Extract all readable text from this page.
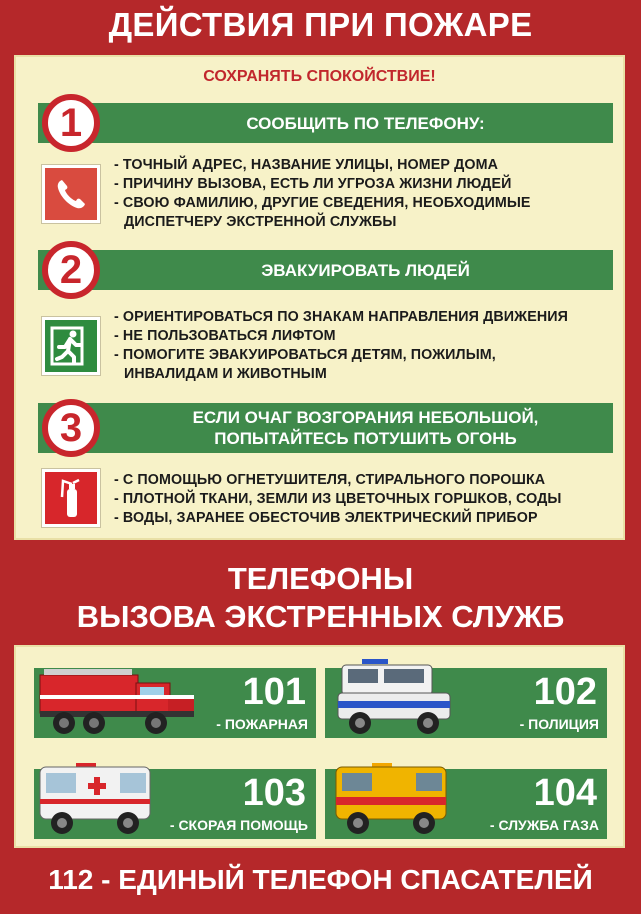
ДЕЙСТВИЯ ПРИ ПОЖАРЕ
СОХРАНЯТЬ СПОКОЙСТВИЕ!
СООБЩИТЬ ПО ТЕЛЕФОНУ:
1
- ТОЧНЫЙ АДРЕС, НАЗВАНИЕ УЛИЦЫ, НОМЕР ДОМА
- ПРИЧИНУ ВЫЗОВА, ЕСТЬ ЛИ УГРОЗА ЖИЗНИ ЛЮДЕЙ
- СВОЮ ФАМИЛИЮ, ДРУГИЕ СВЕДЕНИЯ, НЕОБХОДИМЫЕ
ДИСПЕТЧЕРУ ЭКСТРЕННОЙ СЛУЖБЫ
ЭВАКУИРОВАТЬ ЛЮДЕЙ
2
- ОРИЕНТИРОВАТЬСЯ ПО ЗНАКАМ НАПРАВЛЕНИЯ ДВИЖЕНИЯ
- НЕ ПОЛЬЗОВАТЬСЯ ЛИФТОМ
- ПОМОГИТЕ ЭВАКУИРОВАТЬСЯ ДЕТЯМ, ПОЖИЛЫМ,
ИНВАЛИДАМ И ЖИВОТНЫМ
ЕСЛИ ОЧАГ ВОЗГОРАНИЯ НЕБОЛЬШОЙ,
ПОПЫТАЙТЕСЬ ПОТУШИТЬ ОГОНЬ
3
- С ПОМОЩЬЮ ОГНЕТУШИТЕЛЯ, СТИРАЛЬНОГО ПОРОШКА
- ПЛОТНОЙ ТКАНИ, ЗЕМЛИ ИЗ ЦВЕТОЧНЫХ ГОРШКОВ, СОДЫ
- ВОДЫ, ЗАРАНЕЕ ОБЕСТОЧИВ ЭЛЕКТРИЧЕСКИЙ ПРИБОР
ТЕЛЕФОНЫ
ВЫЗОВА ЭКСТРЕННЫХ СЛУЖБ
101
- ПОЖАРНАЯ
102
- ПОЛИЦИЯ
103
- СКОРАЯ ПОМОЩЬ
104
- СЛУЖБА ГАЗА
112 - ЕДИНЫЙ ТЕЛЕФОН СПАСАТЕЛЕЙ
